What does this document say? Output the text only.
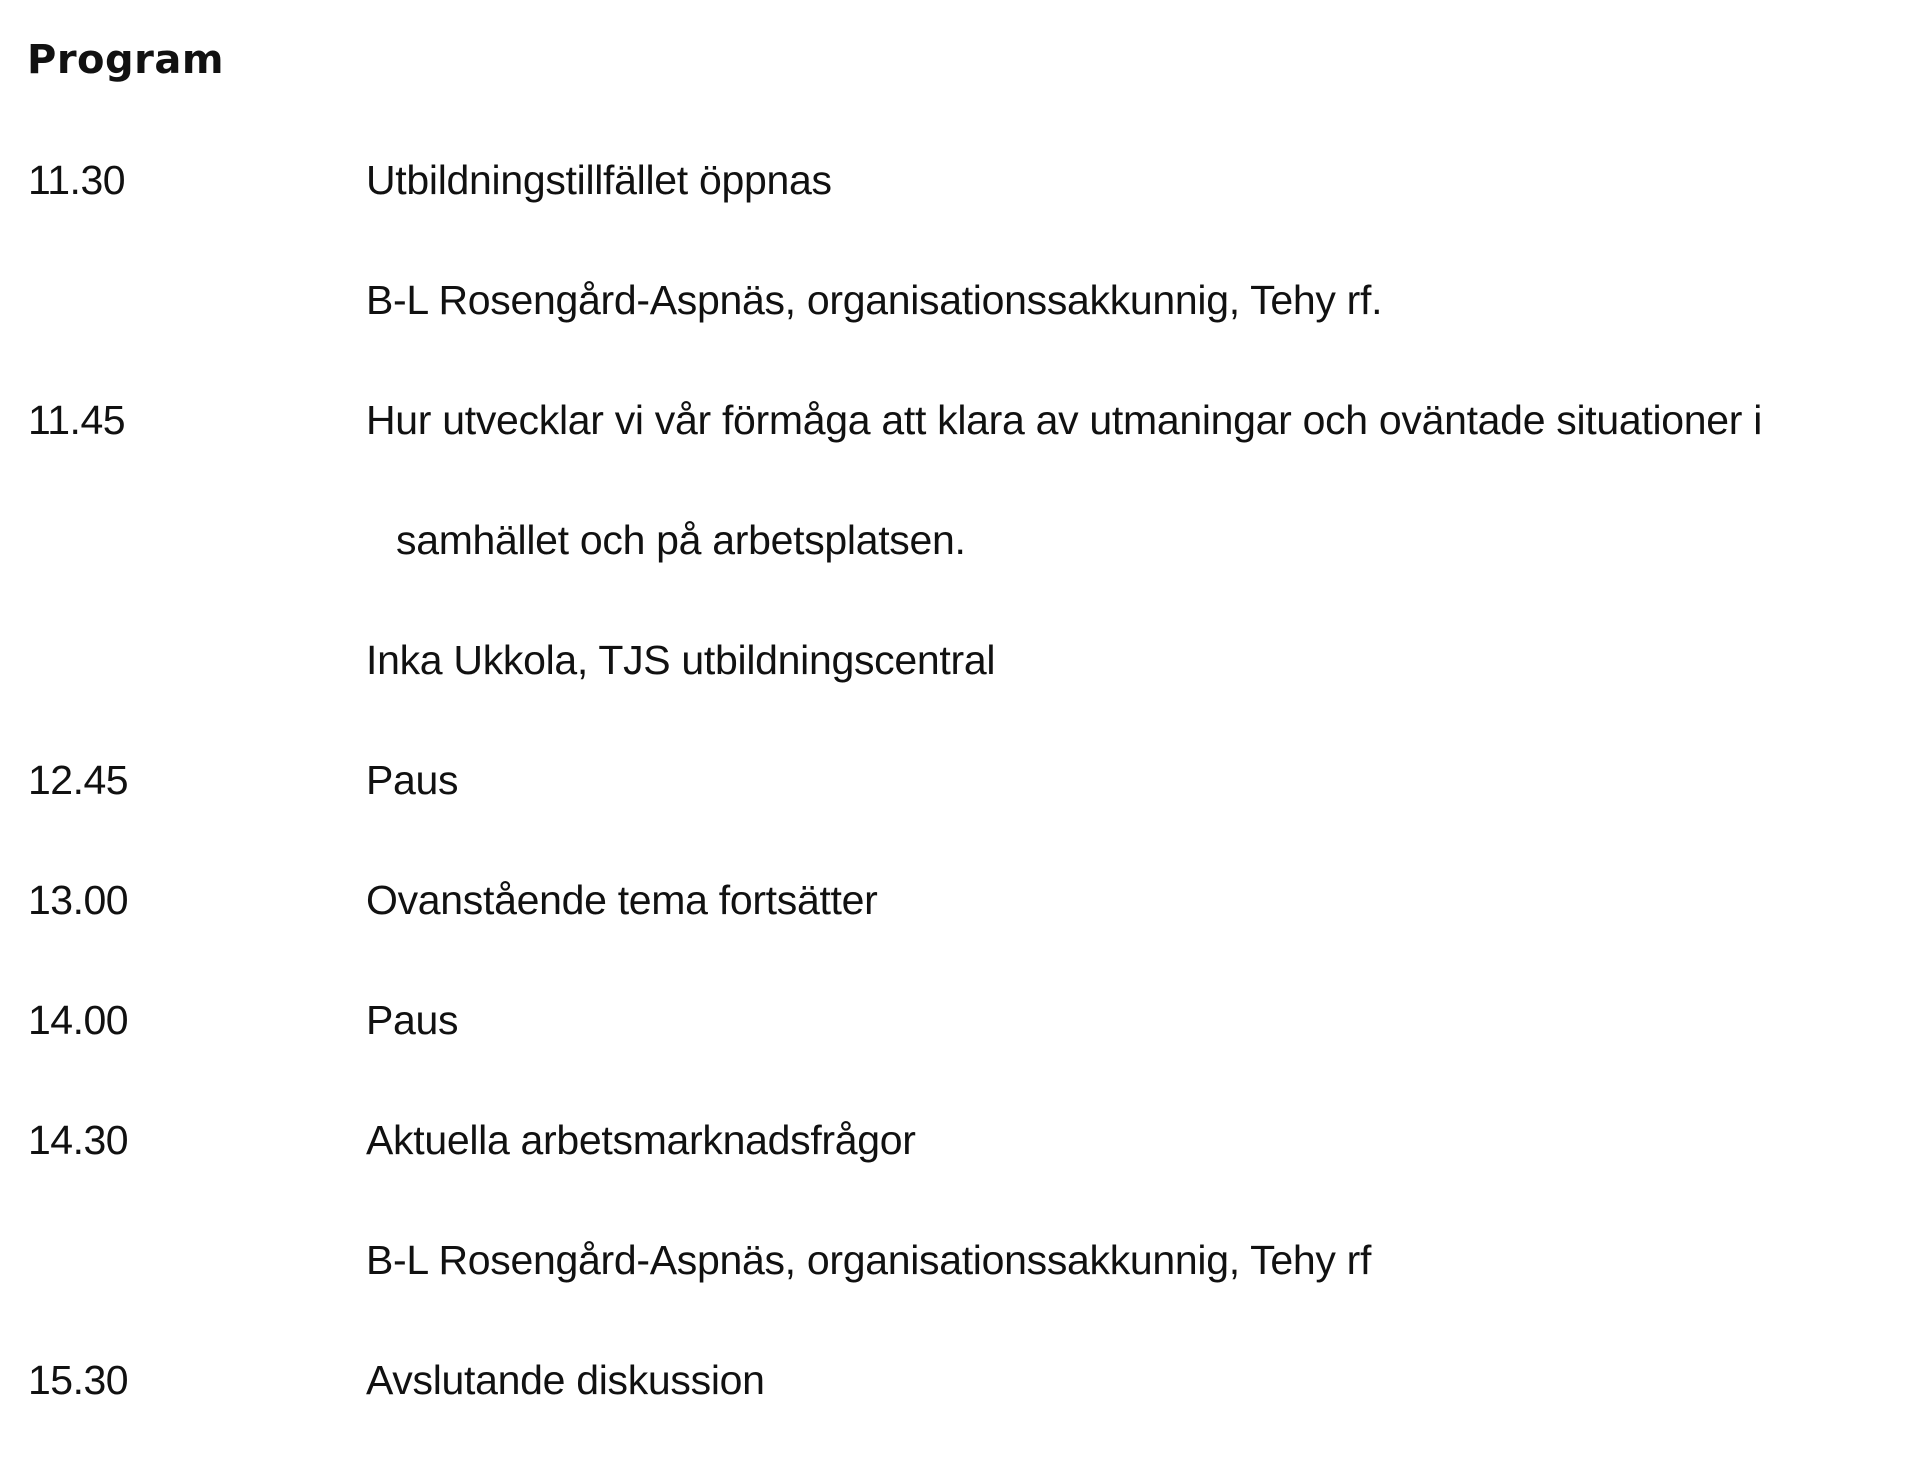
Program
11.30	Utbildningstillfället öppnas
B-L Rosengård-Aspnäs, organisationssakkunnig, Tehy rf.
11.45	Hur utvecklar vi vår förmåga att klara av utmaningar och oväntade situationer i
samhället och på arbetsplatsen.
Inka Ukkola, TJS utbildningscentral
12.45	Paus
13.00	Ovanstående tema fortsätter
14.00	Paus
14.30	Aktuella arbetsmarknadsfrågor
B-L Rosengård-Aspnäs, organisationssakkunnig, Tehy rf
15.30	Avslutande diskussion
